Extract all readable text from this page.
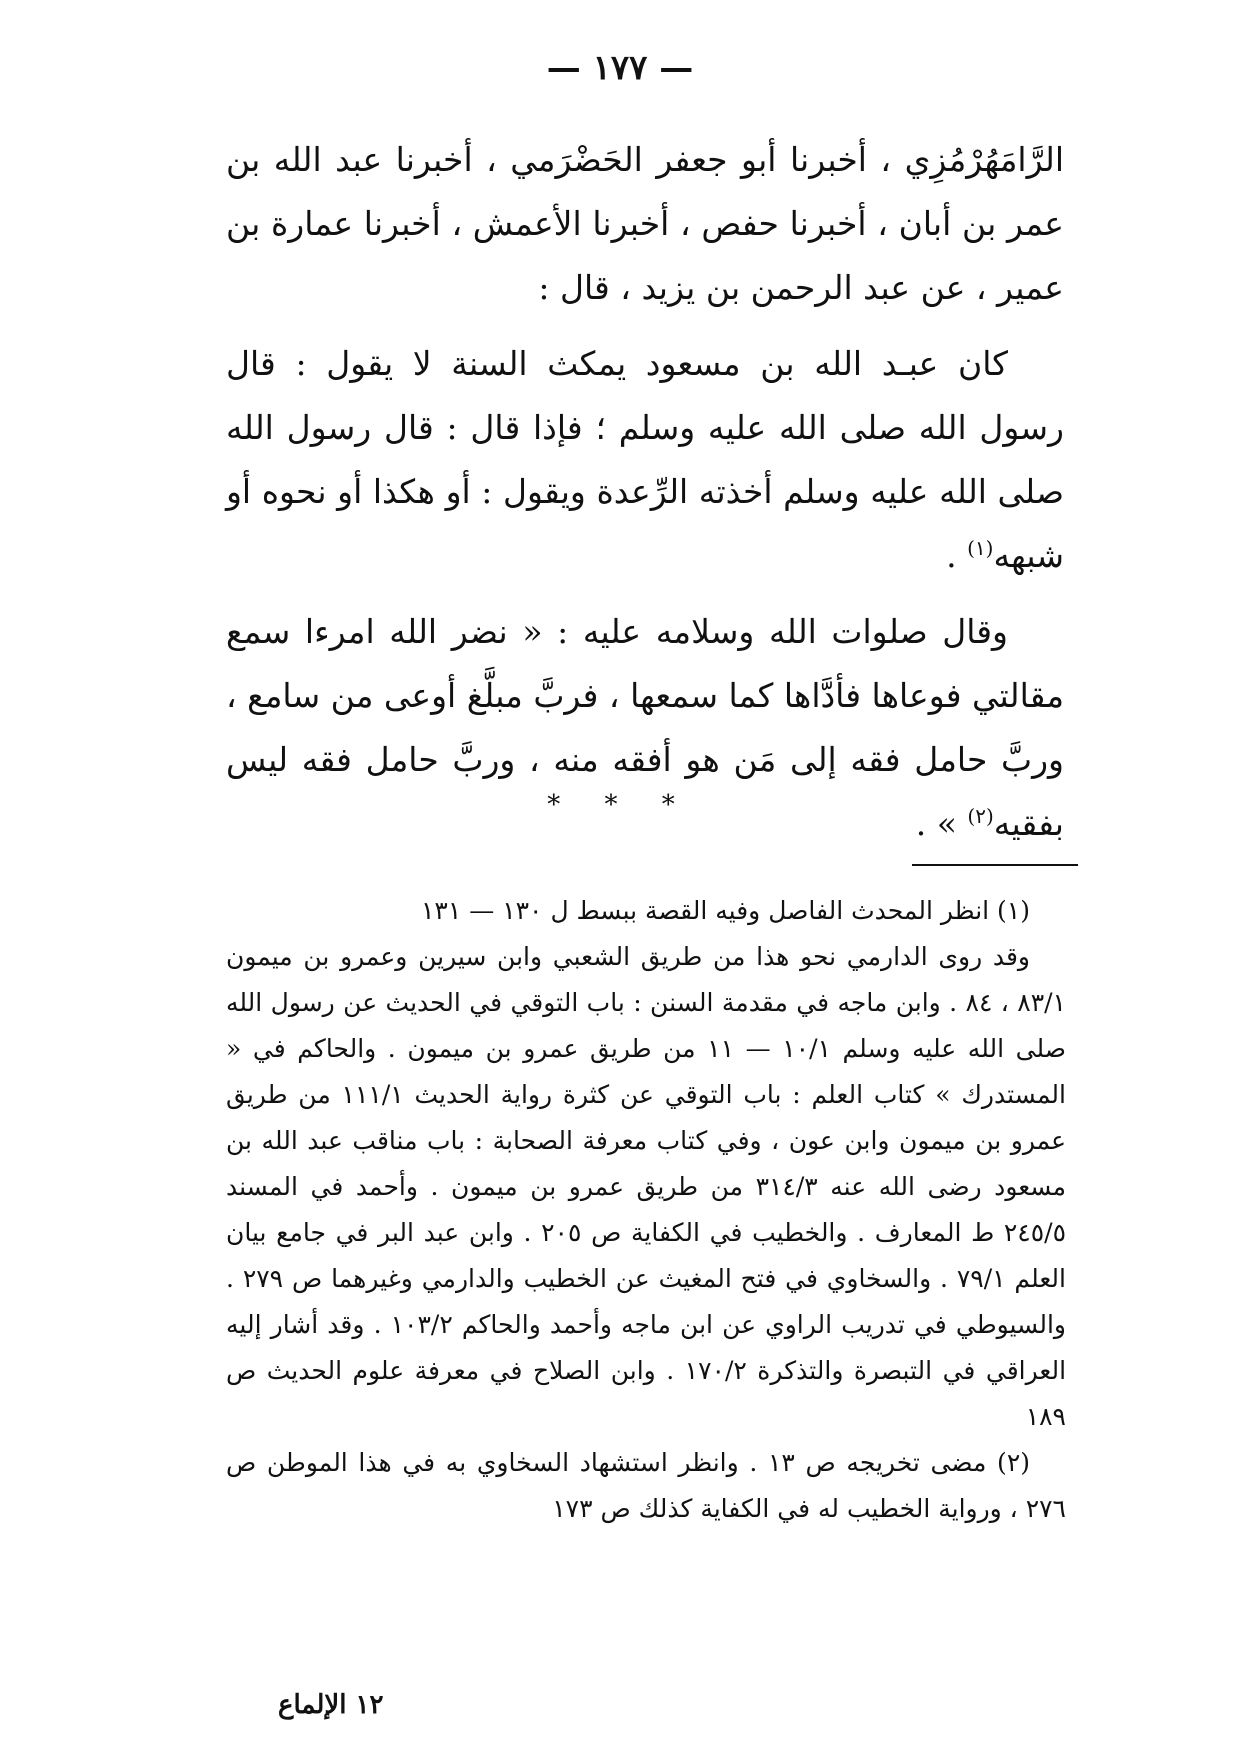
— ١٧٧ —

الرَّامَهُرْمُزِي ، أخبرنا أبو جعفر الحَضْرَمي ، أخبرنا عبد الله بن عمر بن أبان ، أخبرنا حفص ، أخبرنا الأعمش ، أخبرنا عمارة بن عمير ، عن عبد الرحمن بن يزيد ، قال :

كان عبـد الله بن مسعود يمكث السنة لا يقول : قال رسول الله صلى الله عليه وسلم ؛ فإذا قال : قال رسول الله صلى الله عليه وسلم أخذته الرِّعدة ويقول : أو هكذا أو نحوه أو شبهه$^{(١)}$ .

وقال صلوات الله وسلامه عليه : « نضر الله امرءا سمع مقالتي فوعاها فأدَّاها كما سمعها ، فربَّ مبلَّغ أوعى من سامع ، وربَّ حامل فقه إلى مَن هو أفقه منه ، وربَّ حامل فقه ليس بفقيه$^{(٢)}$ » .

* * *

(١) انظر المحدث الفاصل وفيه القصة ببسط ل ١٣٠ — ١٣١

وقد روى الدارمي نحو هذا من طريق الشعبي وابن سيرين وعمرو بن ميمون ٨٣/١ ، ٨٤ . وابن ماجه في مقدمة السنن : باب التوقي في الحديث عن رسول الله صلى الله عليه وسلم ١٠/١ — ١١ من طريق عمرو بن ميمون . والحاكم في « المستدرك » كتاب العلم : باب التوقي عن كثرة رواية الحديث ١١١/١ من طريق عمرو بن ميمون وابن عون ، وفي كتاب معرفة الصحابة : باب مناقب عبد الله بن مسعود رضى الله عنه ٣١٤/٣ من طريق عمرو بن ميمون . وأحمد في المسند ٢٤٥/٥ ط المعارف . والخطيب في الكفاية ص ٢٠٥ . وابن عبد البر في جامع بيان العلم ٧٩/١ . والسخاوي في فتح المغيث عن الخطيب والدارمي وغيرهما ص ٢٧٩ . والسيوطي في تدريب الراوي عن ابن ماجه وأحمد والحاكم ١٠٣/٢ . وقد أشار إليه العراقي في التبصرة والتذكرة ١٧٠/٢ . وابن الصلاح في معرفة علوم الحديث ص ١٨٩

(٢) مضى تخريجه ص ١٣ . وانظر استشهاد السخاوي به في هذا الموطن ص ٢٧٦ ، ورواية الخطيب له في الكفاية كذلك ص ١٧٣

١٢ الإلماع
